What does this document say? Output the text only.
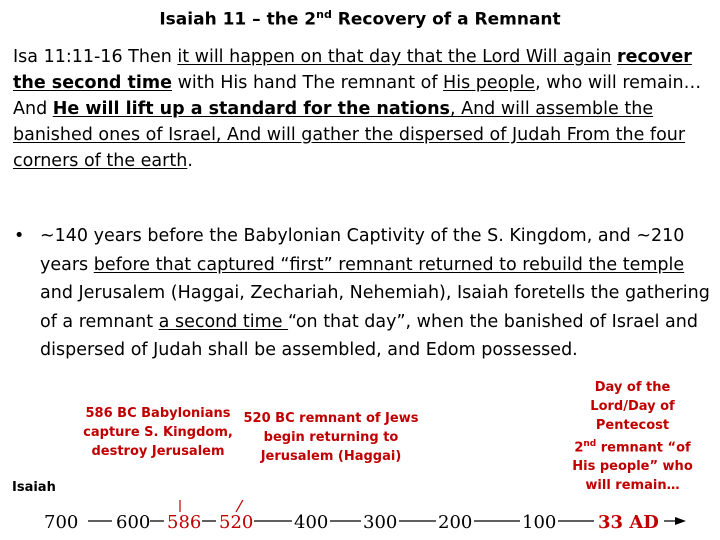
Isaiah 11 – the 2nd Recovery of a Remnant
Isa 11:11-16 Then it will happen on that day that the Lord Will again recover the second time with His hand The remnant of His people, who will remain…And He will lift up a standard for the nations, And will assemble the banished ones of Israel, And will gather the dispersed of Judah From the four corners of the earth.
• ~140 years before the Babylonian Captivity of the S. Kingdom, and ~210 years before that captured “first” remnant returned to rebuild the temple and Jerusalem (Haggai, Zechariah, Nehemiah), Isaiah foretells the gathering of a remnant a second time “on that day”, when the banished of Israel and dispersed of Judah shall be assembled, and Edom possessed.
586 BC Babylonians capture S. Kingdom, destroy Jerusalem
520 BC remnant of Jews begin returning to Jerusalem (Haggai)
Day of the
Lord/Day of Pentecost
2nd remnant “of His people” who will remain…
Isaiah
700 600 586 520 400 300 200	100 33 AD
